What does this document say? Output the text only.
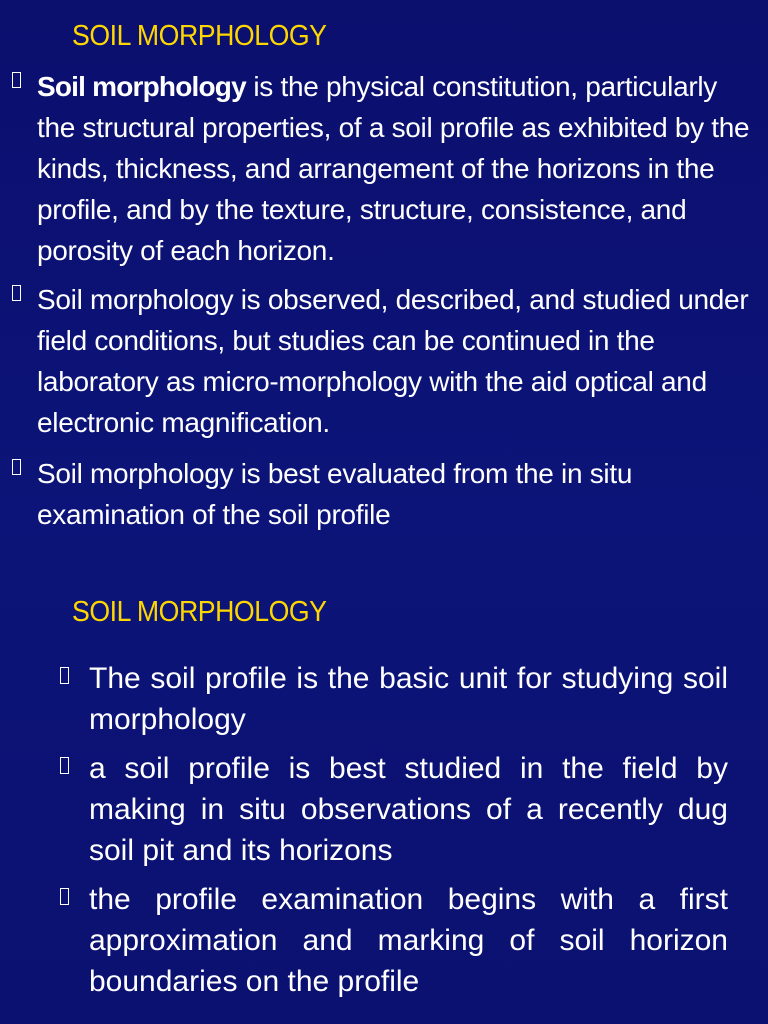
SOIL MORPHOLOGY
Soil morphology is the physical constitution, particularly the structural properties, of a soil profile as exhibited by the kinds, thickness, and arrangement of the horizons in the profile, and by the texture, structure, consistence, and porosity of each horizon.
Soil morphology is observed, described, and studied under field conditions, but studies can be continued in the laboratory as micro-morphology with the aid optical and electronic magnification.
Soil morphology is best evaluated from the in situ examination of the soil profile
SOIL MORPHOLOGY
The soil profile is the basic unit for studying soil morphology
a soil profile is best studied in the field by making in situ observations of a recently dug soil pit and its horizons
the profile examination begins with a first approximation and marking of soil horizon boundaries on the profile
